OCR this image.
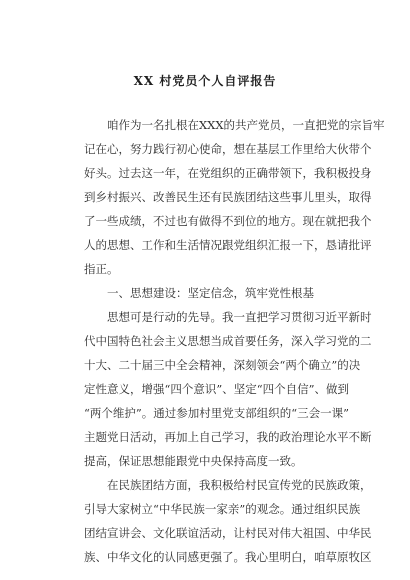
XX 村党员个人自评报告
咱作为一名扎根在XXX的共产党员，一直把党的宗旨牢
记在心，努力践行初心使命，想在基层工作里给大伙带个
好头。过去这一年，在党组织的正确带领下，我积极投身
到乡村振兴、改善民生还有民族团结这些事儿里头，取得
了一些成绩，不过也有做得不到位的地方。现在就把我个
人的思想、工作和生活情况跟党组织汇报一下，恳请批评
指正。
一、思想建设：坚定信念，筑牢党性根基
思想可是行动的先导。我一直把学习贯彻习近平新时
代中国特色社会主义思想当成首要任务，深入学习党的二
十大、二十届三中全会精神，深刻领会“两个确立”的决
定性意义，增强“四个意识”、坚定“四个自信”、做到
“两个维护”。通过参加村里党支部组织的“三会一课”
主题党日活动，再加上自己学习，我的政治理论水平不断
提高，保证思想能跟党中央保持高度一致。
在民族团结方面，我积极给村民宣传党的民族政策，
引导大家树立“中华民族一家亲”的观念。通过组织民族
团结宣讲会、文化联谊活动，让村民对伟大祖国、中华民
族、中华文化的认同感更强了。我心里明白，咱草原牧区
